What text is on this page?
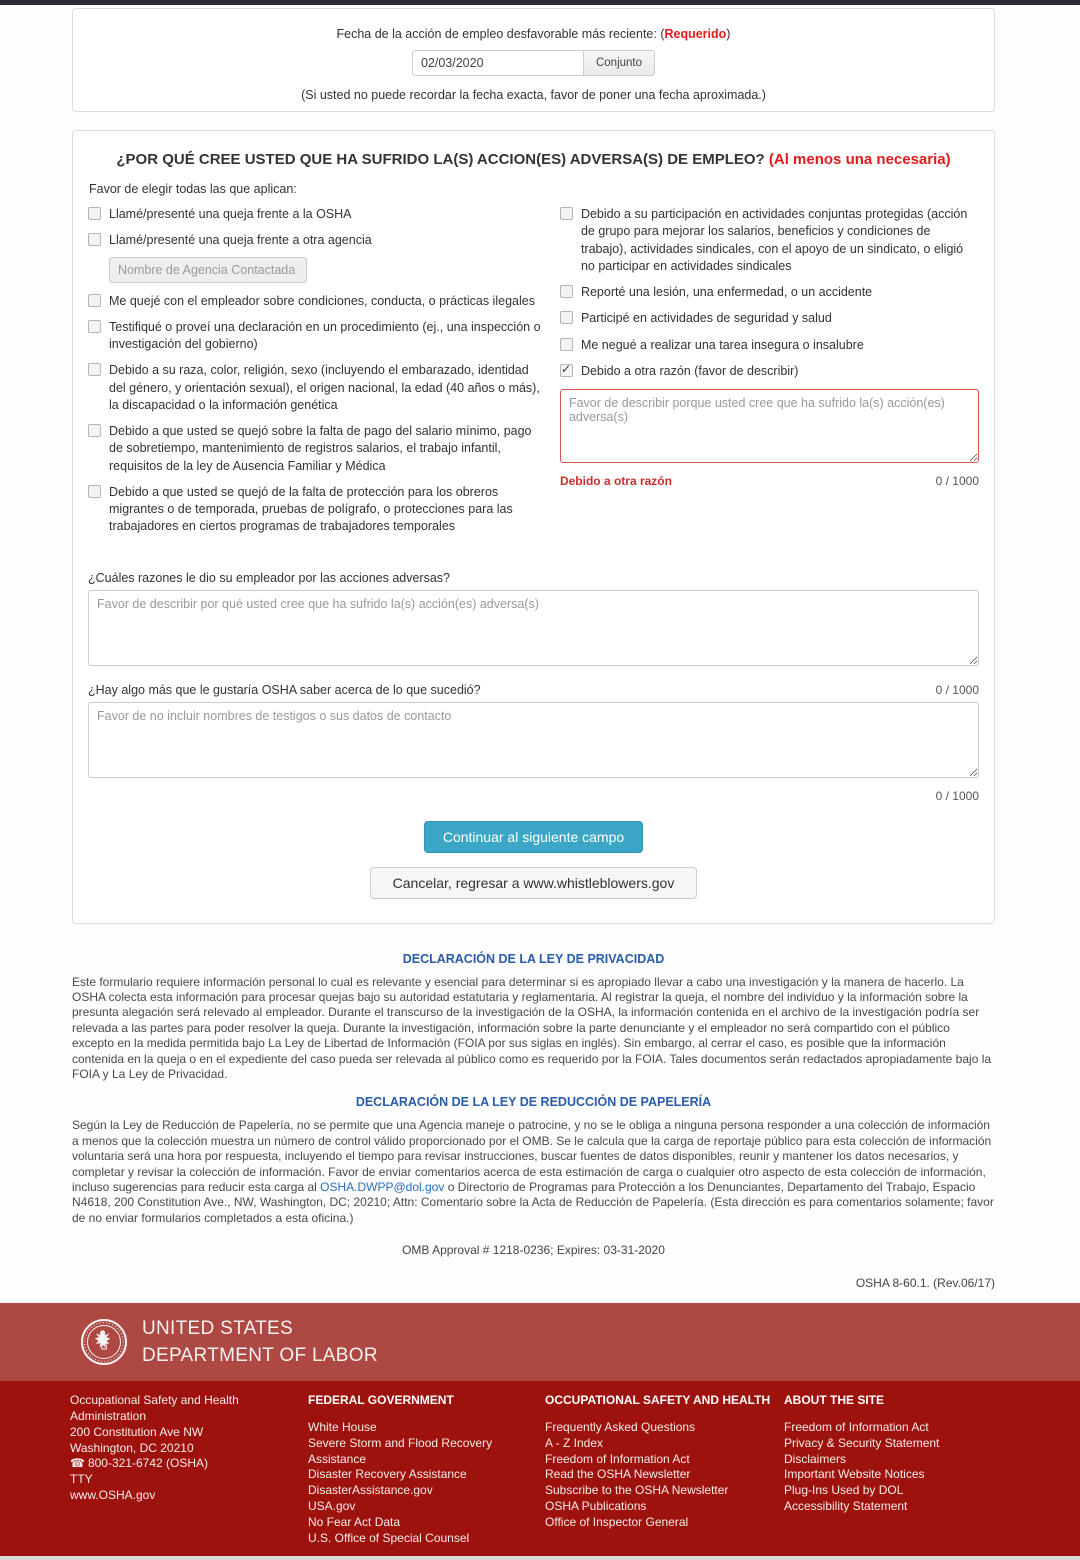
Fecha de la acción de empleo desfavorable más reciente: (Requerido)
02/03/2020
Conjunto
(Si usted no puede recordar la fecha exacta, favor de poner una fecha aproximada.)
¿POR QUÉ CREE USTED QUE HA SUFRIDO LA(S) ACCION(ES) ADVERSA(S) DE EMPLEO? (Al menos una necesaria)
Favor de elegir todas las que aplican:
Llamé/presenté una queja frente a la OSHA
Llamé/presenté una queja frente a otra agencia
Nombre de Agencia Contactada
Me quejé con el empleador sobre condiciones, conducta, o prácticas ilegales
Testifiqué o proveí una declaración en un procedimiento (ej., una inspección o investigación del gobierno)
Debido a su raza, color, religión, sexo (incluyendo el embarazado, identidad del género, y orientación sexual), el origen nacional, la edad (40 años o más), la discapacidad o la información genética
Debido a que usted se quejó sobre la falta de pago del salario mínimo, pago de sobretiempo, mantenimiento de registros salarios, el trabajo infantil, requisitos de la ley de Ausencia Familiar y Médica
Debido a que usted se quejó de la falta de protección para los obreros migrantes o de temporada, pruebas de polígrafo, o protecciones para las trabajadores en ciertos programas de trabajadores temporales
Debido a su participación en actividades conjuntas protegidas (acción de grupo para mejorar los salarios, beneficios y condiciones de trabajo), actividades sindicales, con el apoyo de un sindicato, o eligió no participar en actividades sindicales
Reporté una lesión, una enfermedad, o un accidente
Participé en actividades de seguridad y salud
Me negué a realizar una tarea insegura o insalubre
✓
Debido a otra razón (favor de describir)
Favor de describir porque usted cree que ha sufrido la(s) acción(es) adversa(s)
Debido a otra razón	0 / 1000
¿Cuáles razones le dio su empleador por las acciones adversas?
Favor de describir por qué usted cree que ha sufrido la(s) acción(es) adversa(s)
¿Hay algo más que le gustaría OSHA saber acerca de lo que sucedió?	0 / 1000
Favor de no incluir nombres de testigos o sus datos de contacto
0 / 1000
Continuar al siguiente campo
Cancelar, regresar a www.whistleblowers.gov
DECLARACIÓN DE LA LEY DE PRIVACIDAD
Este formulario requiere información personal lo cual es relevante y esencial para determinar si es apropiado llevar a cabo una investigación y la manera de hacerlo. La OSHA colecta esta información para procesar quejas bajo su autoridad estatutaria y reglamentaria. Al registrar la queja, el nombre del individuo y la información sobre la presunta alegación será relevado al empleador. Durante el transcurso de la investigación de la OSHA, la información contenida en el archivo de la investigación podría ser relevada a las partes para poder resolver la queja. Durante la investigación, información sobre la parte denunciante y el empleador no será compartido con el público excepto en la medida permitida bajo La Ley de Libertad de Información (FOIA por sus siglas en inglés). Sin embargo, al cerrar el caso, es posible que la información contenida en la queja o en el expediente del caso pueda ser relevada al público como es requerido por la FOIA. Tales documentos serán redactados apropiadamente bajo la FOIA y La Ley de Privacidad.
DECLARACIÓN DE LA LEY DE REDUCCIÓN DE PAPELERÍA
Según la Ley de Reducción de Papelería, no se permite que una Agencia maneje o patrocine, y no se le obliga a ninguna persona responder a una colección de información a menos que la colección muestra un número de control válido proporcionado por el OMB. Se le calcula que la carga de reportaje público para esta colección de información voluntaria será una hora por respuesta, incluyendo el tiempo para revisar instrucciones, buscar fuentes de datos disponibles, reunir y mantener los datos necesarios, y completar y revisar la colección de información. Favor de enviar comentarios acerca de esta estimación de carga o cualquier otro aspecto de esta colección de información, incluso sugerencias para reducir esta carga al OSHA.DWPP@dol.gov o Directorio de Programas para Protección a los Denunciantes, Departamento del Trabajo, Espacio N4618, 200 Constitution Ave., NW, Washington, DC; 20210; Attn: Comentario sobre la Acta de Reducción de Papelería. (Esta dirección es para comentarios solamente; favor de no enviar formularios completados a esta oficina.)
OMB Approval # 1218-0236; Expires: 03-31-2020
OSHA 8-60.1. (Rev.06/17)
UNITED STATES
DEPARTMENT OF LABOR
Occupational Safety and Health Administration
200 Constitution Ave NW
Washington, DC 20210
☎ 800-321-6742 (OSHA)
TTY
www.OSHA.gov
FEDERAL GOVERNMENT
White House
Severe Storm and Flood Recovery Assistance
Disaster Recovery Assistance
DisasterAssistance.gov
USA.gov
No Fear Act Data
U.S. Office of Special Counsel
OCCUPATIONAL SAFETY AND HEALTH
Frequently Asked Questions
A - Z Index
Freedom of Information Act
Read the OSHA Newsletter
Subscribe to the OSHA Newsletter
OSHA Publications
Office of Inspector General
ABOUT THE SITE
Freedom of Information Act
Privacy & Security Statement
Disclaimers
Important Website Notices
Plug-Ins Used by DOL
Accessibility Statement
